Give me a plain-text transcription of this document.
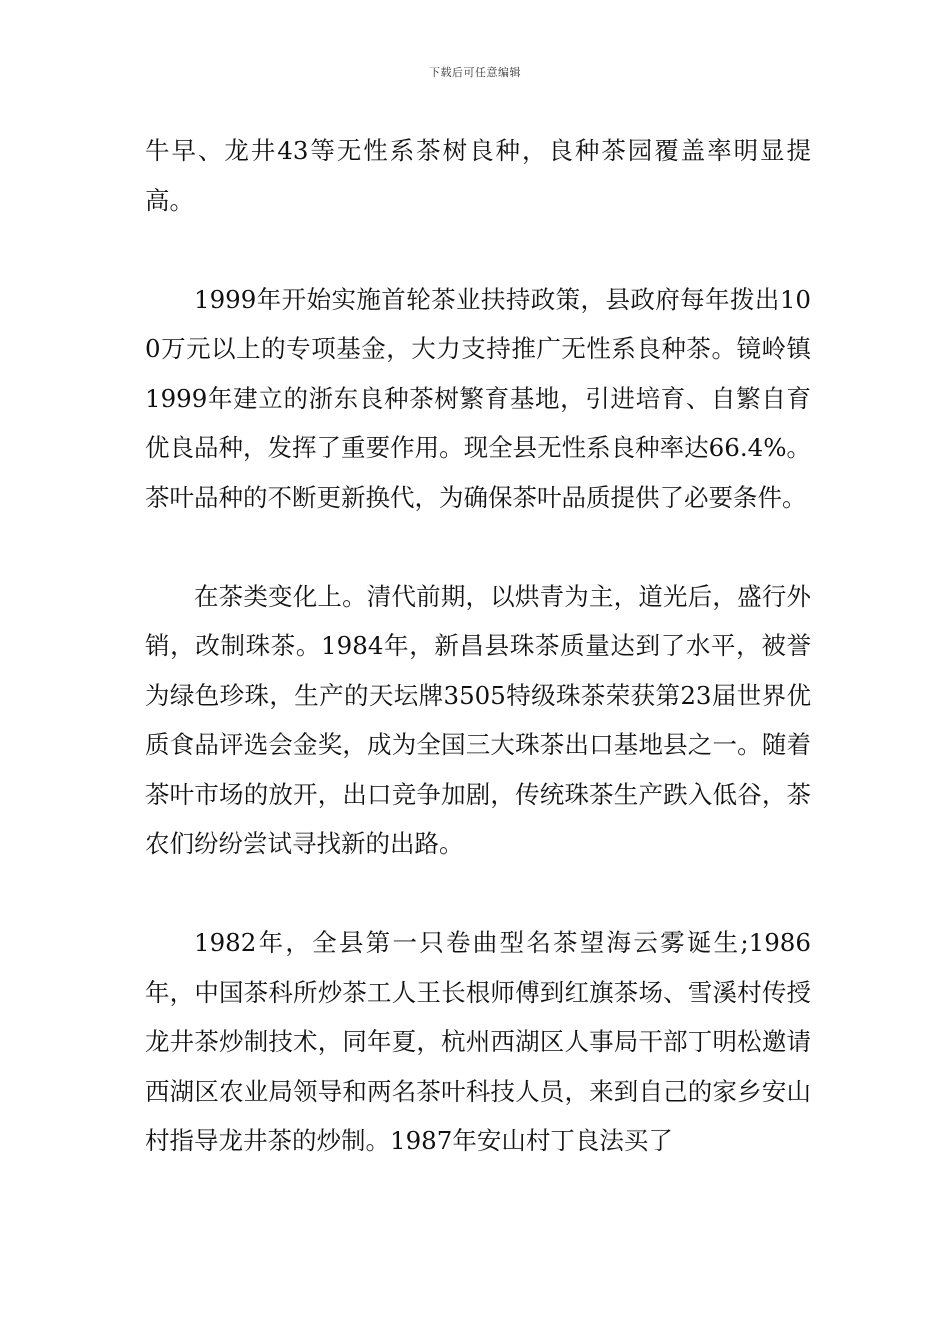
下载后可任意编辑

牛早、龙井43等无性系茶树良种，良种茶园覆盖率明显提高。

1999年开始实施首轮茶业扶持政策，县政府每年拨出100万元以上的专项基金，大力支持推广无性系良种茶。镜岭镇1999年建立的浙东良种茶树繁育基地，引进培育、自繁自育优良品种，发挥了重要作用。现全县无性系良种率达66.4%。茶叶品种的不断更新换代，为确保茶叶品质提供了必要条件。

在茶类变化上。清代前期，以烘青为主，道光后，盛行外销，改制珠茶。1984年，新昌县珠茶质量达到了水平，被誉为绿色珍珠，生产的天坛牌3505特级珠茶荣获第23届世界优质食品评选会金奖，成为全国三大珠茶出口基地县之一。随着茶叶市场的放开，出口竞争加剧，传统珠茶生产跌入低谷，茶农们纷纷尝试寻找新的出路。

1982年，全县第一只卷曲型名茶望海云雾诞生;1986年，中国茶科所炒茶工人王长根师傅到红旗茶场、雪溪村传授龙井茶炒制技术，同年夏，杭州西湖区人事局干部丁明松邀请西湖区农业局领导和两名茶叶科技人员，来到自己的家乡安山村指导龙井茶的炒制。1987年安山村丁良法买了
